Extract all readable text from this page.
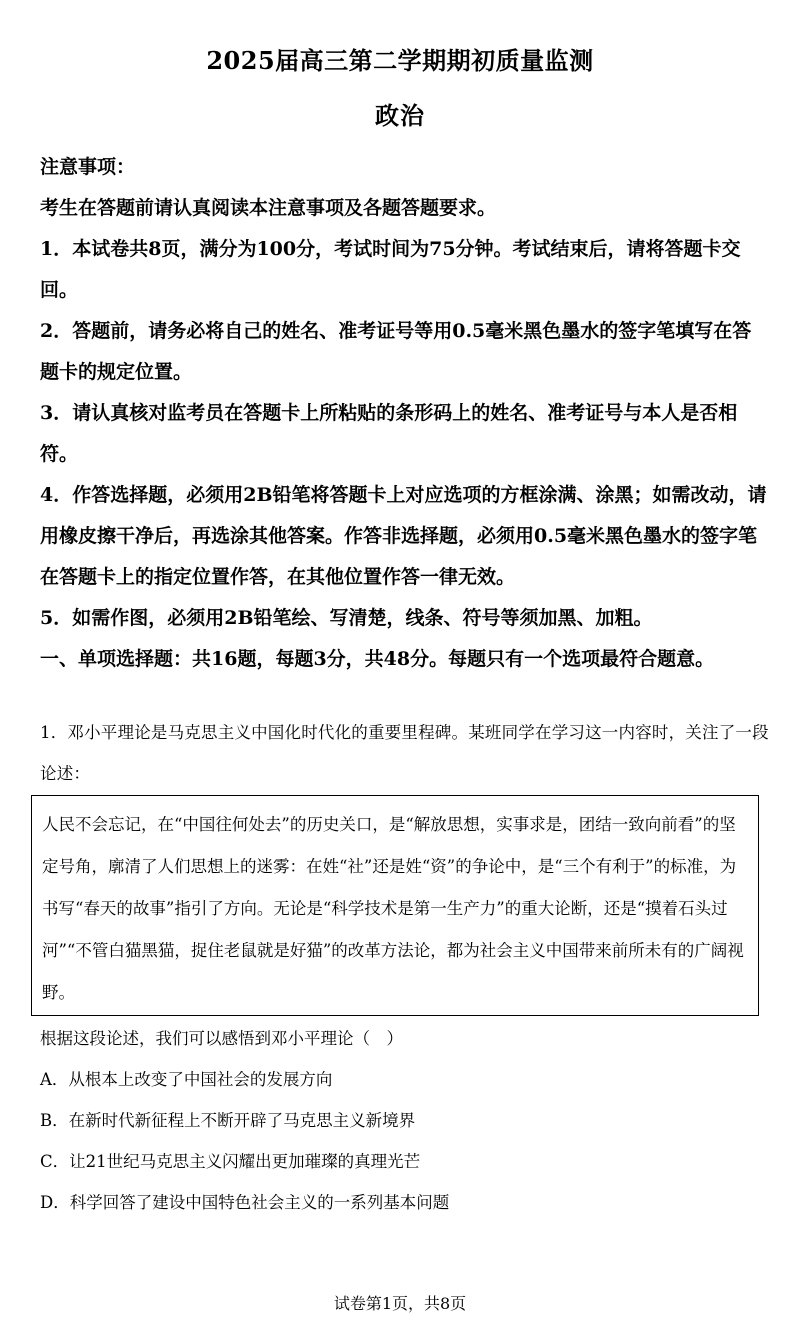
2025届高三第二学期期初质量监测
政治

注意事项：

考生在答题前请认真阅读本注意事项及各题答题要求。

1．本试卷共8页，满分为100分，考试时间为75分钟。考试结束后，请将答题卡交回。

2．答题前，请务必将自己的姓名、准考证号等用0.5毫米黑色墨水的签字笔填写在答题卡的规定位置。

3．请认真核对监考员在答题卡上所粘贴的条形码上的姓名、准考证号与本人是否相符。

4．作答选择题，必须用2B铅笔将答题卡上对应选项的方框涂满、涂黑；如需改动，请用橡皮擦干净后，再选涂其他答案。作答非选择题，必须用0.5毫米黑色墨水的签字笔在答题卡上的指定位置作答，在其他位置作答一律无效。

5．如需作图，必须用2B铅笔绘、写清楚，线条、符号等须加黑、加粗。

一、单项选择题：共16题，每题3分，共48分。每题只有一个选项最符合题意。

1．邓小平理论是马克思主义中国化时代化的重要里程碑。某班同学在学习这一内容时，关注了一段论述：

人民不会忘记，在“中国往何处去”的历史关口，是“解放思想，实事求是，团结一致向前看”的坚定号角，廓清了人们思想上的迷雾：在姓“社”还是姓“资”的争论中，是“三个有利于”的标准，为书写“春天的故事”指引了方向。无论是“科学技术是第一生产力”的重大论断，还是“摸着石头过河”“不管白猫黑猫，捉住老鼠就是好猫”的改革方法论，都为社会主义中国带来前所未有的广阔视野。

根据这段论述，我们可以感悟到邓小平理论（　）

A．从根本上改变了中国社会的发展方向

B．在新时代新征程上不断开辟了马克思主义新境界

C．让21世纪马克思主义闪耀出更加璀璨的真理光芒

D．科学回答了建设中国特色社会主义的一系列基本问题

试卷第1页，共8页
